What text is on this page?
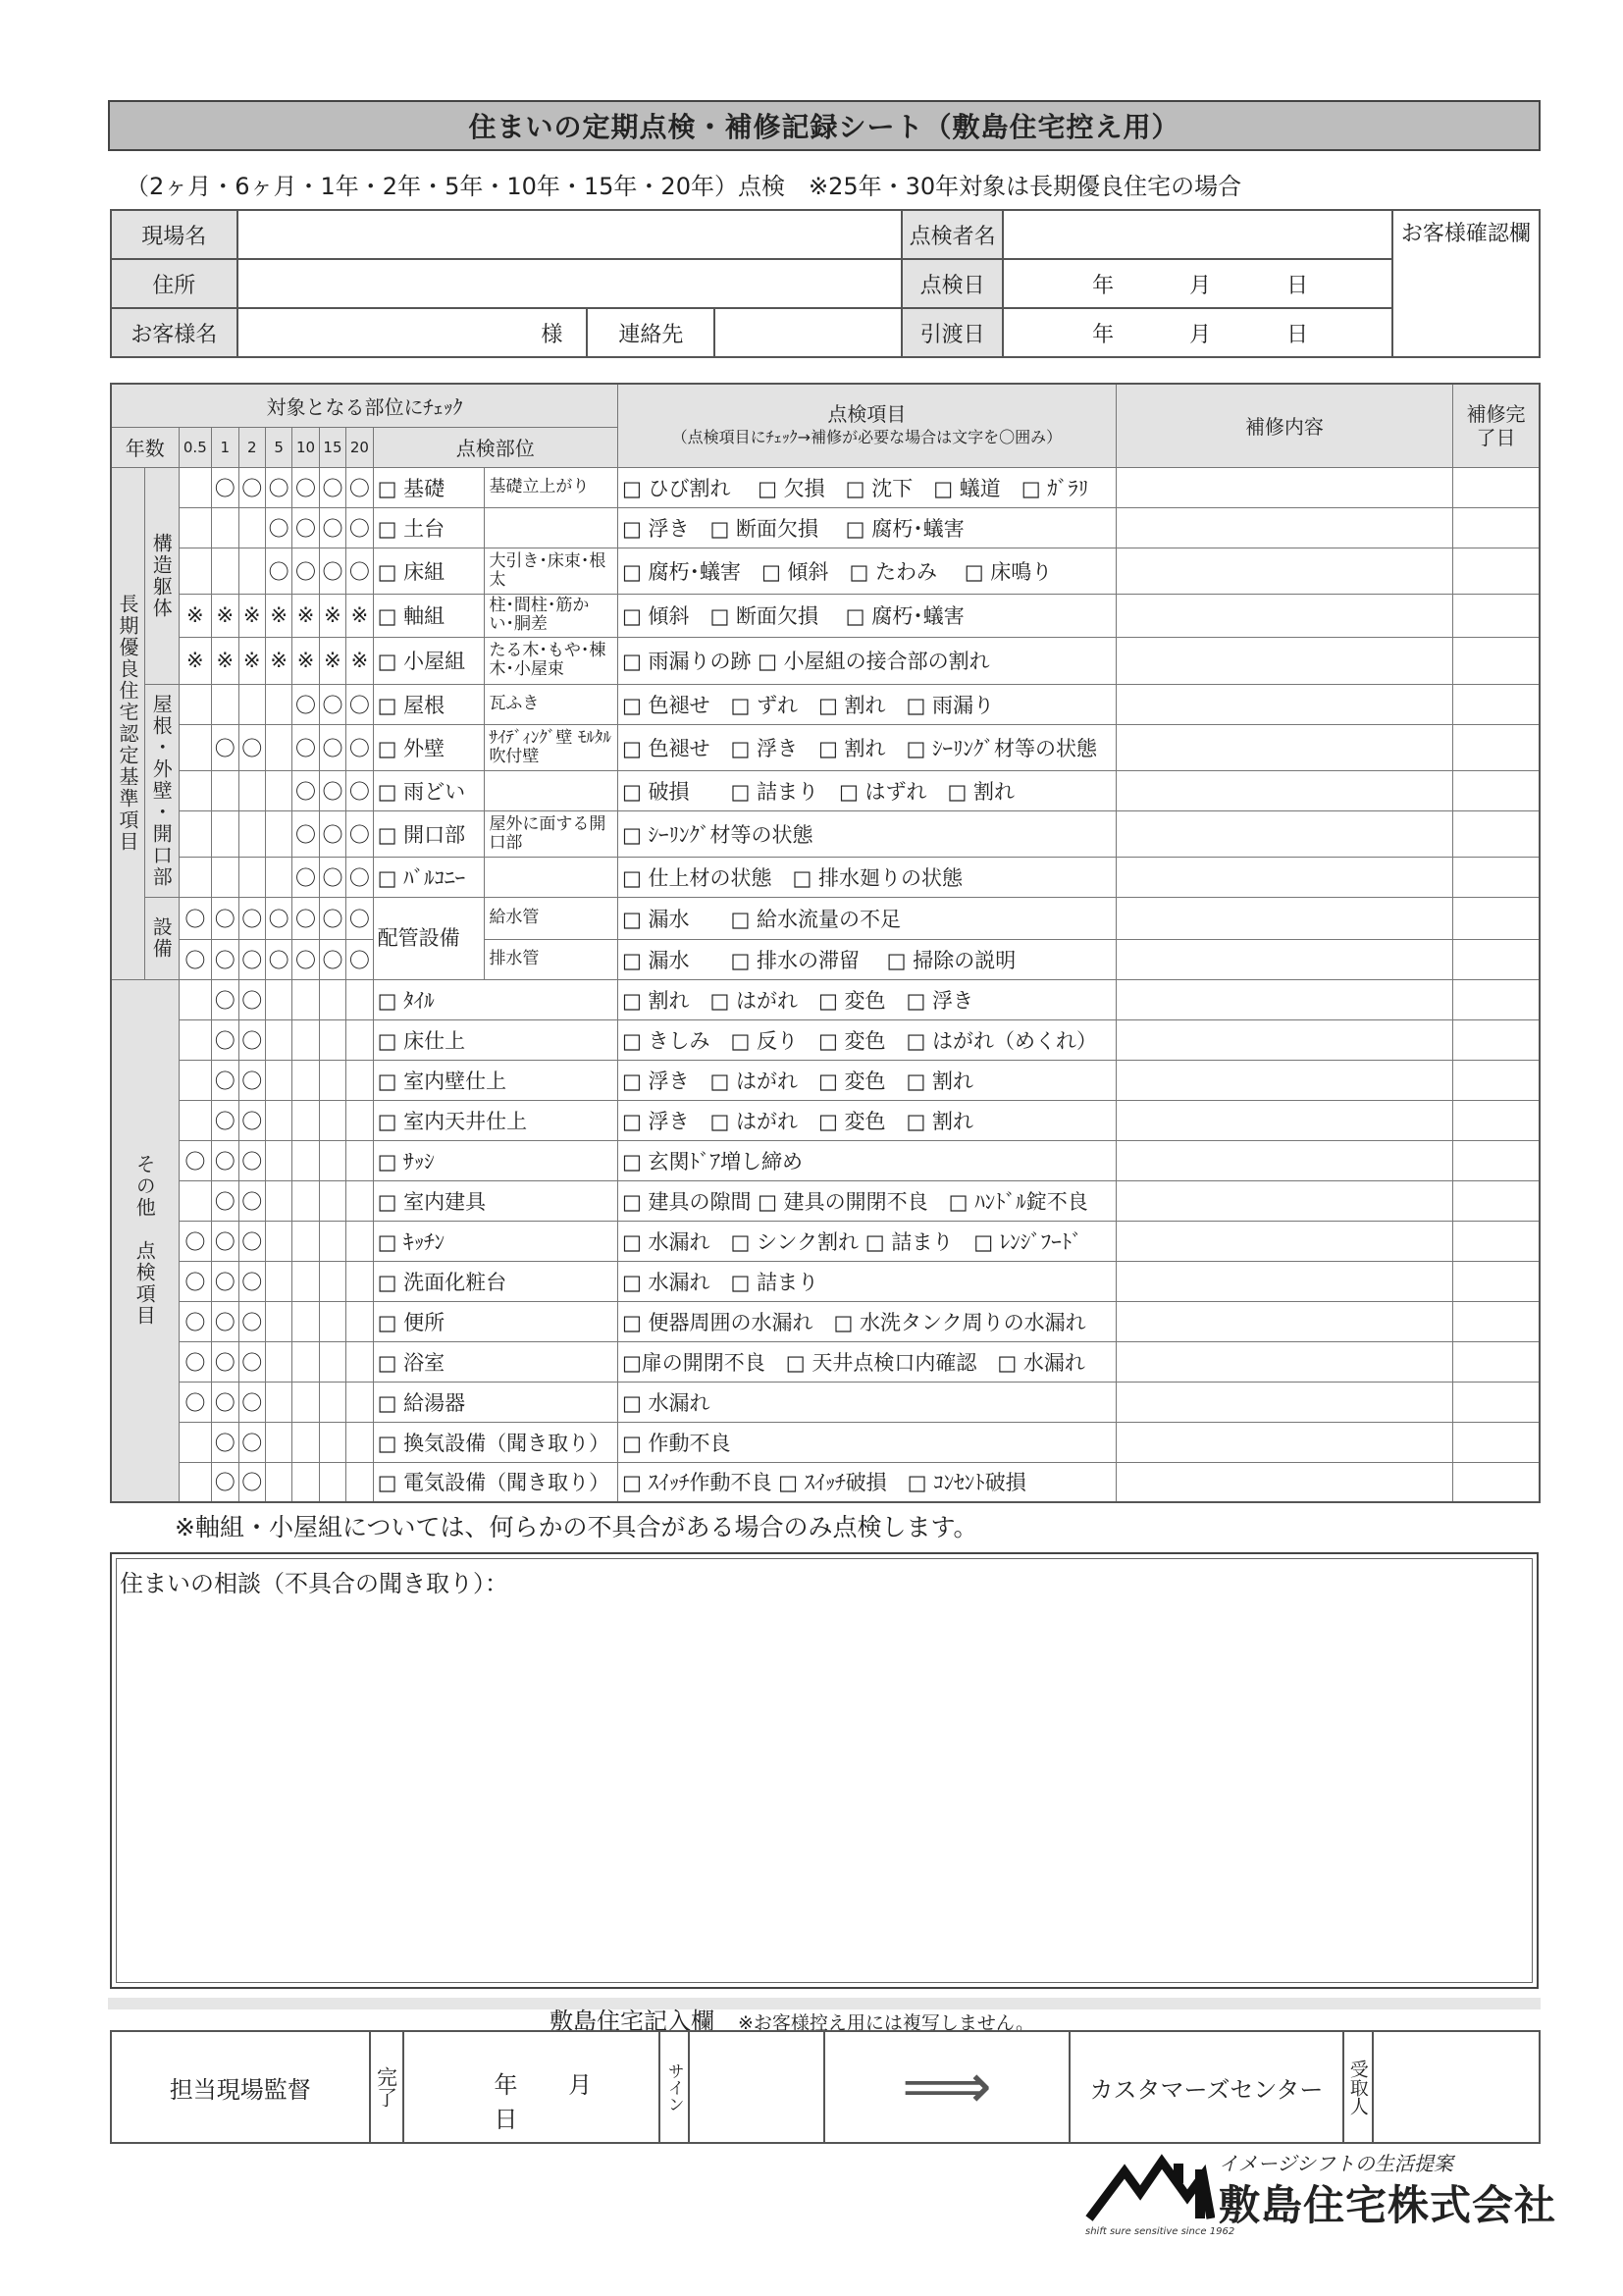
住まいの定期点検・補修記録シート（敷島住宅控え用）
（2ヶ月・6ヶ月・1年・2年・5年・10年・15年・20年）点検　※25年・30年対象は長期優良住宅の場合
現場名			点検者名		お客様確認欄
住所			点検日	年 月 日	
お客様名	様	連絡先	引渡日	年 月 日	
対象となる部位にﾁｪｯｸ											点検項目
（点検項目にﾁｪｯｸ→補修が必要な場合は文字を〇囲み）	補修内容	補修完了日
年数		0.5	1	2	5	10	15	20	点検部位				
長期優良住宅認定基準項目	構造躯体		〇	〇	〇	〇	〇	〇	□ 基礎	基礎立上がり	□ ひび割れ　 □ 欠損　□ 沈下　□ 蟻道　□ ｶﾞﾗﾘ		
					〇	〇	〇	〇	□ 土台		□ 浮き　□ 断面欠損　 □ 腐朽･蟻害		
					〇	〇	〇	〇	□ 床組	大引き･床束･根太	□ 腐朽･蟻害　□ 傾斜　□ たわみ　 □ 床鳴り		
		※	※	※	※	※	※	※	□ 軸組	柱･間柱･筋かい･胴差	□ 傾斜　□ 断面欠損　 □ 腐朽･蟻害		
		※	※	※	※	※	※	※	□ 小屋組	たる木･もや･棟木･小屋束	□ 雨漏りの跡 □ 小屋組の接合部の割れ		
	屋根・外壁・開口部					〇	〇	〇	□ 屋根	瓦ふき	□ 色褪せ　□ ずれ　□ 割れ　□ 雨漏り		
			〇	〇		〇	〇	〇	□ 外壁	ｻｲﾃﾞｨﾝｸﾞ壁 ﾓﾙﾀﾙ吹付壁	□ 色褪せ　□ 浮き　□ 割れ　□ ｼｰﾘﾝｸﾞ材等の状態		
						〇	〇	〇	□ 雨どい		□ 破損　　□ 詰まり　□ はずれ　□ 割れ		
						〇	〇	〇	□ 開口部	屋外に面する開口部	□ ｼｰﾘﾝｸﾞ材等の状態		
						〇	〇	〇	□ ﾊﾞﾙｺﾆｰ		□ 仕上材の状態　□ 排水廻りの状態		
	設備	〇	〇	〇	〇	〇	〇	〇	配管設備	給水管	□ 漏水　　□ 給水流量の不足		
		〇	〇	〇	〇	〇	〇	〇		排水管	□ 漏水　　□ 排水の滞留　 □ 掃除の説明		
その他　点検項目			〇	〇					□ ﾀｲﾙ		□ 割れ　□ はがれ　□ 変色　□ 浮き		
			〇	〇					□ 床仕上		□ きしみ　□ 反り　□ 変色　□ はがれ（めくれ）		
			〇	〇					□ 室内壁仕上		□ 浮き　□ はがれ　□ 変色　□ 割れ		
			〇	〇					□ 室内天井仕上		□ 浮き　□ はがれ　□ 変色　□ 割れ		
		〇	〇	〇					□ ｻｯｼ		□ 玄関ﾄﾞｱ増し締め		
			〇	〇					□ 室内建具		□ 建具の隙間 □ 建具の開閉不良　□ ﾊﾝﾄﾞﾙ錠不良		
		〇	〇	〇					□ ｷｯﾁﾝ		□ 水漏れ　□ シンク割れ □ 詰まり　□ ﾚﾝｼﾞﾌｰﾄﾞ		
		〇	〇	〇					□ 洗面化粧台		□ 水漏れ　□ 詰まり		
		〇	〇	〇					□ 便所		□ 便器周囲の水漏れ　□ 水洗タンク周りの水漏れ		
		〇	〇	〇					□ 浴室		□扉の開閉不良　□ 天井点検口内確認　□ 水漏れ		
		〇	〇	〇					□ 給湯器		□ 水漏れ		
			〇	〇					□ 換気設備（聞き取り）		□ 作動不良		
			〇	〇					□ 電気設備（聞き取り）		□ ｽｲｯﾁ作動不良 □ ｽｲｯﾁ破損　□ ｺﾝｾﾝﾄ破損		
※軸組・小屋組については、何らかの不具合がある場合のみ点検します。
住まいの相談（不具合の聞き取り）：
敷島住宅記入欄 ※お客様控え用には複写しません。
担当現場監督	完了	年 月 日	サイン		⟹	カスタマーズセンター	受取人	
イメージシフトの生活提案
敷島住宅株式会社
shift sure sensitive since 1962
